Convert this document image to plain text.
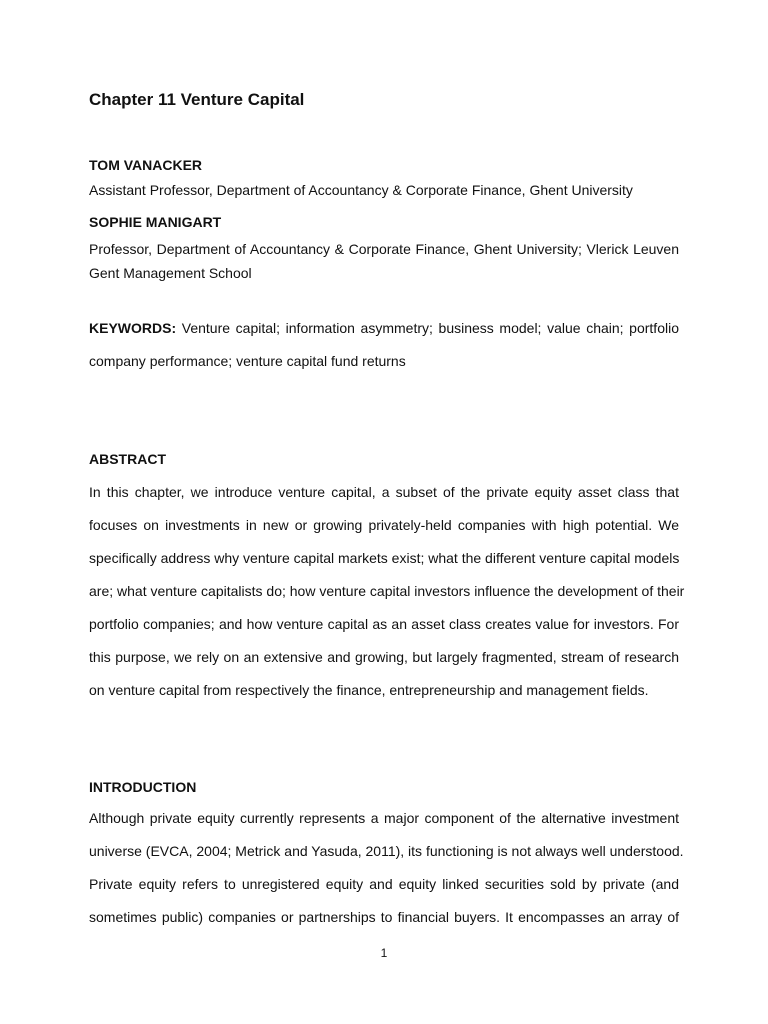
Chapter 11 Venture Capital

TOM VANACKER

Assistant Professor, Department of Accountancy & Corporate Finance, Ghent University

SOPHIE MANIGART

Professor, Department of Accountancy & Corporate Finance, Ghent University; Vlerick Leuven
Gent Management School
KEYWORDS: Venture capital; information asymmetry; business model; value chain; portfolio
company performance; venture capital fund returns

ABSTRACT

In this chapter, we introduce venture capital, a subset of the private equity asset class that
focuses on investments in new or growing privately-held companies with high potential. We
specifically address why venture capital markets exist; what the different venture capital models
are; what venture capitalists do; how venture capital investors influence the development of their
portfolio companies; and how venture capital as an asset class creates value for investors. For
this purpose, we rely on an extensive and growing, but largely fragmented, stream of research
on venture capital from respectively the finance, entrepreneurship and management fields.

INTRODUCTION

Although private equity currently represents a major component of the alternative investment
universe (EVCA, 2004; Metrick and Yasuda, 2011), its functioning is not always well understood.
Private equity refers to unregistered equity and equity linked securities sold by private (and
sometimes public) companies or partnerships to financial buyers. It encompasses an array of
1
